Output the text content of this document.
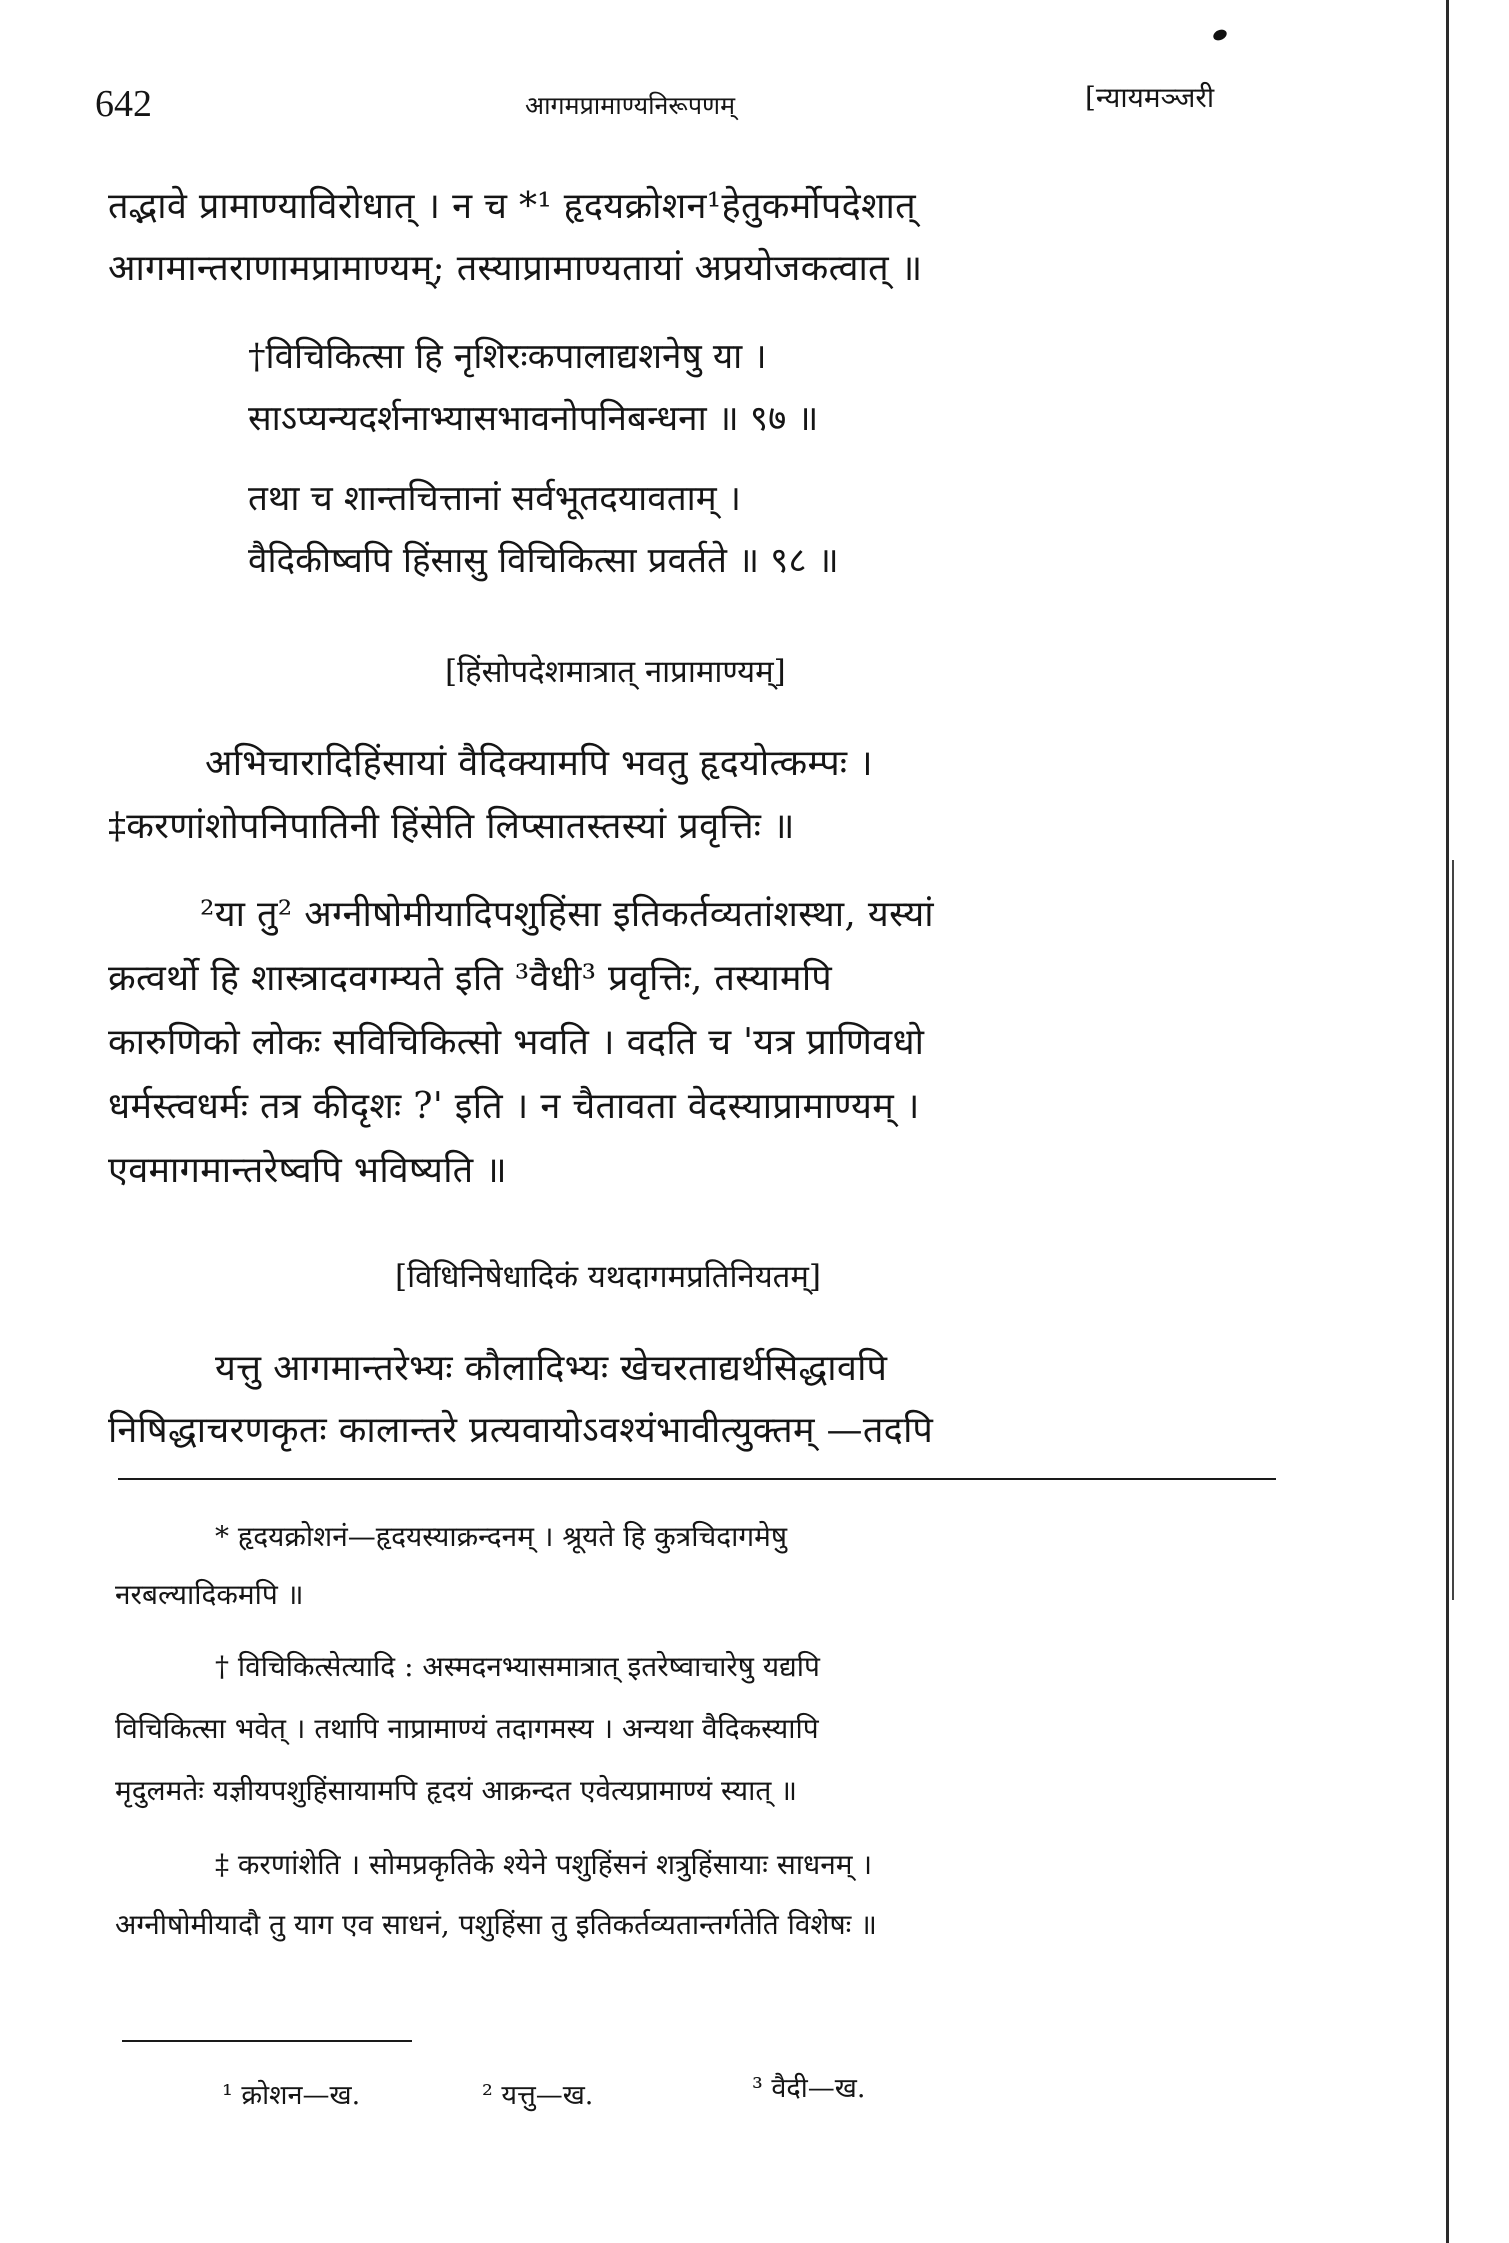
642	आगमप्रामाण्यनिरूपणम्	[न्यायमञ्जरी
तद्भावे प्रामाण्याविरोधात् । न च *¹ हृदयक्रोशन¹हेतुकर्मोपदेशात्
आगमान्तराणामप्रामाण्यम्; तस्याप्रामाण्यतायां अप्रयोजकत्वात् ॥
†विचिकित्सा हि नृशिरःकपालाद्यशनेषु या ।
साऽप्यन्यदर्शनाभ्यासभावनोपनिबन्धना ॥ ९७ ॥
तथा च शान्तचित्तानां सर्वभूतदयावताम् ।
वैदिकीष्वपि हिंसासु विचिकित्सा प्रवर्तते ॥ ९८ ॥
[हिंसोपदेशमात्रात् नाप्रामाण्यम्]
अभिचारादिहिंसायां वैदिक्यामपि भवतु हृदयोत्कम्पः ।
‡करणांशोपनिपातिनी हिंसेति लिप्सातस्तस्यां प्रवृत्तिः ॥
²या तु² अग्नीषोमीयादिपशुहिंसा इतिकर्तव्यतांशस्था, यस्यां
क्रत्वर्थो हि शास्त्रादवगम्यते इति ³वैधी³ प्रवृत्तिः, तस्यामपि
कारुणिको लोकः सविचिकित्सो भवति । वदति च 'यत्र प्राणिवधो
धर्मस्त्वधर्मः तत्र कीदृशः ?' इति । न चैतावता वेदस्याप्रामाण्यम् ।
एवमागमान्तरेष्वपि भविष्यति ॥
[विधिनिषेधादिकं यथदागमप्रतिनियतम्]
यत्तु आगमान्तरेभ्यः कौलादिभ्यः खेचरताद्यर्थसिद्धावपि
निषिद्धाचरणकृतः कालान्तरे प्रत्यवायोऽवश्यंभावीत्युक्तम् —तदपि
* हृदयक्रोशनं—हृदयस्याक्रन्दनम् । श्रूयते हि कुत्रचिदागमेषु
नरबल्यादिकमपि ॥
† विचिकित्सेत्यादि : अस्मदनभ्यासमात्रात् इतरेष्वाचारेषु यद्यपि
विचिकित्सा भवेत् । तथापि नाप्रामाण्यं तदागमस्य । अन्यथा वैदिकस्यापि
मृदुलमतेः यज्ञीयपशुहिंसायामपि हृदयं आक्रन्दत एवेत्यप्रामाण्यं स्यात् ॥
‡ करणांशेति । सोमप्रकृतिके श्येने पशुहिंसनं शत्रुहिंसायाः साधनम् ।
अग्नीषोमीयादौ तु याग एव साधनं, पशुहिंसा तु इतिकर्तव्यतान्तर्गतेति विशेषः ॥
¹ क्रोशन—ख.	² यत्तु—ख.	³ वैदी—ख.
